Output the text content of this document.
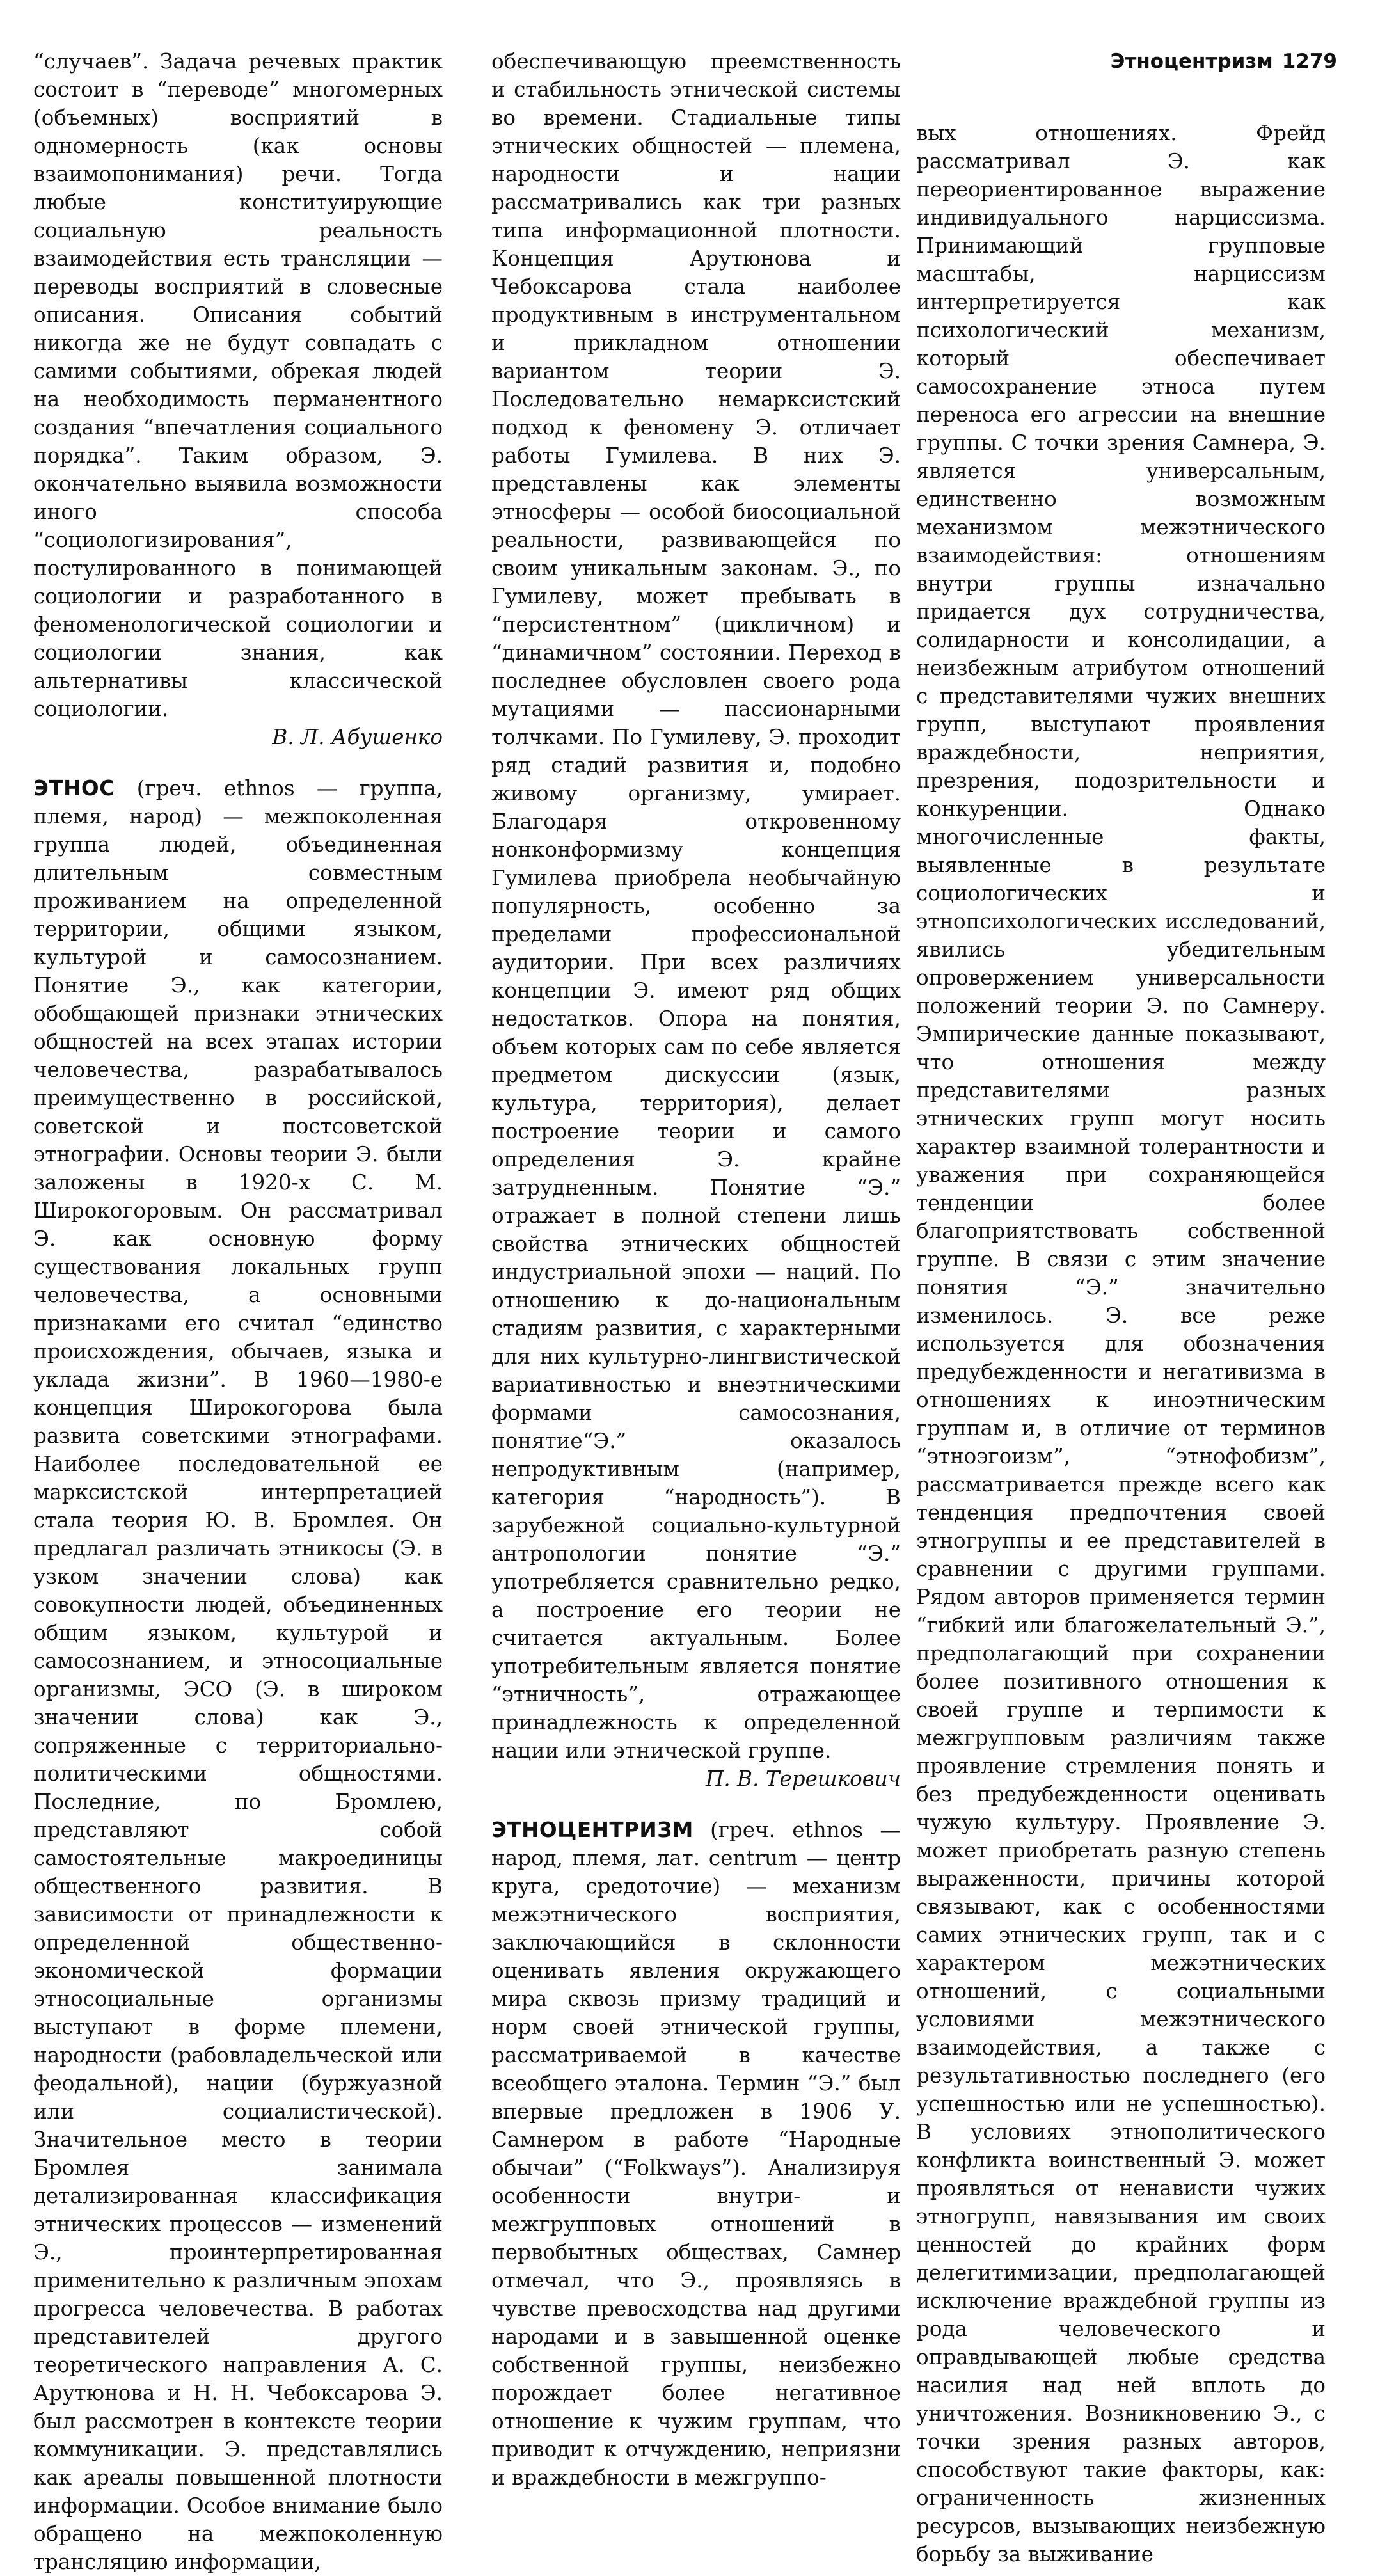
Этноцентризм 1279

“случаев”. Задача речевых практик состоит в “переводе” многомерных (объемных) восприятий в одномерность (как основы взаимопонимания) речи. Тогда любые конституирующие социальную реальность взаимодействия есть трансляции — переводы восприятий в словесные описания. Описания событий никогда же не будут совпадать с самими событиями, обрекая людей на необходимость перманентного создания “впечатления социального порядка”. Таким образом, Э. окончательно выявила возможности иного способа “социологизирования”, постулированного в понимающей социологии и разработанного в феноменологической социологии и социологии знания, как альтернативы классической социологии.

В. Л. Абушенко

ЭТНОС (греч. ethnos — группа, племя, народ) — межпоколенная группа людей, объединенная длительным совместным проживанием на определенной территории, общими языком, культурой и самосознанием. Понятие Э., как категории, обобщающей признаки этнических общностей на всех этапах истории человечества, разрабатывалось преимущественно в российской, советской и постсоветской этнографии. Основы теории Э. были заложены в 1920-х С. М. Широкогоровым. Он рассматривал Э. как основную форму существования локальных групп человечества, а основными признаками его считал “единство происхождения, обычаев, языка и уклада жизни”. В 1960—1980-е концепция Широкогорова была развита советскими этнографами. Наиболее последовательной ее марксистской интерпретацией стала теория Ю. В. Бромлея. Он предлагал различать этникосы (Э. в узком значении слова) как совокупности людей, объединенных общим языком, культурой и самосознанием, и этносоциальные организмы, ЭСО (Э. в широком значении слова) как Э., сопряженные с территориально-политическими общностями. Последние, по Бромлею, представляют собой самостоятельные макроединицы общественного развития. В зависимости от принадлежности к определенной общественно-экономической формации этносоциальные организмы выступают в форме племени, народности (рабовладельческой или феодальной), нации (буржуазной или социалистической). Значительное место в теории Бромлея занимала детализированная классификация этнических процессов — изменений Э., проинтерпретированная применительно к различным эпохам прогресса человечества. В работах представителей другого теоретического направления А. С. Арутюнова и Н. Н. Чебоксарова Э. был рассмотрен в контексте теории коммуникации. Э. представлялись как ареалы повышенной плотности информации. Особое внимание было обращено на межпоколенную трансляцию информации,

обеспечивающую преемственность и стабильность этнической системы во времени. Стадиальные типы этнических общностей — племена, народности и нации рассматривались как три разных типа информационной плотности. Концепция Арутюнова и Чебоксарова стала наиболее продуктивным в инструментальном и прикладном отношении вариантом теории Э. Последовательно немарксистский подход к феномену Э. отличает работы Гумилева. В них Э. представлены как элементы этносферы — особой биосоциальной реальности, развивающейся по своим уникальным законам. Э., по Гумилеву, может пребывать в “персистентном” (цикличном) и “динамичном” состоянии. Переход в последнее обусловлен своего рода мутациями — пассионарными толчками. По Гумилеву, Э. проходит ряд стадий развития и, подобно живому организму, умирает. Благодаря откровенному нонконформизму концепция Гумилева приобрела необычайную популярность, особенно за пределами профессиональной аудитории. При всех различиях концепции Э. имеют ряд общих недостатков. Опора на понятия, объем которых сам по себе является предметом дискуссии (язык, культура, территория), делает построение теории и самого определения Э. крайне затрудненным. Понятие “Э.” отражает в полной степени лишь свойства этнических общностей индустриальной эпохи — наций. По отношению к до-национальным стадиям развития, с характерными для них культурно-лингвистической вариативностью и внеэтническими формами самосознания, понятие“Э.” оказалось непродуктивным (например, категория “народность”). В зарубежной социально-культурной антропологии понятие “Э.” употребляется сравнительно редко, а построение его теории не считается актуальным. Более употребительным является понятие “этничность”, отражающее принадлежность к определенной нации или этнической группе.

П. В. Терешкович

ЭТНОЦЕНТРИЗМ (греч. ethnos — народ, племя, лат. centrum — центр круга, средоточие) — механизм межэтнического восприятия, заключающийся в склонности оценивать явления окружающего мира сквозь призму традиций и норм своей этнической группы, рассматриваемой в качестве всеобщего эталона. Термин “Э.” был впервые предложен в 1906 У. Самнером в работе “Народные обычаи” (“Folkways”). Анализируя особенности внутри- и межгрупповых отношений в первобытных обществах, Самнер отмечал, что Э., проявляясь в чувстве превосходства над другими народами и в завышенной оценке собственной группы, неизбежно порождает более негативное отношение к чужим группам, что приводит к отчуждению, неприязни и враждебности в межгруппо-

вых отношениях. Фрейд рассматривал Э. как переориентированное выражение индивидуального нарциссизма. Принимающий групповые масштабы, нарциссизм интерпретируется как психологический механизм, который обеспечивает самосохранение этноса путем переноса его агрессии на внешние группы. С точки зрения Самнера, Э. является универсальным, единственно возможным механизмом межэтнического взаимодействия: отношениям внутри группы изначально придается дух сотрудничества, солидарности и консолидации, а неизбежным атрибутом отношений с представителями чужих внешних групп, выступают проявления враждебности, неприятия, презрения, подозрительности и конкуренции. Однако многочисленные факты, выявленные в результате социологических и этнопсихологических исследований, явились убедительным опровержением универсальности положений теории Э. по Самнеру. Эмпирические данные показывают, что отношения между представителями разных этнических групп могут носить характер взаимной толерантности и уважения при сохраняющейся тенденции более благоприятствовать собственной группе. В связи с этим значение понятия “Э.” значительно изменилось. Э. все реже используется для обозначения предубежденности и негативизма в отношениях к иноэтническим группам и, в отличие от терминов “этноэгоизм”, “этнофобизм”, рассматривается прежде всего как тенденция предпочтения своей этногруппы и ее представителей в сравнении с другими группами. Рядом авторов применяется термин “гибкий или благожелательный Э.”, предполагающий при сохранении более позитивного отношения к своей группе и терпимости к межгрупповым различиям также проявление стремления понять и без предубежденности оценивать чужую культуру. Проявление Э. может приобретать разную степень выраженности, причины которой связывают, как с особенностями самих этнических групп, так и с характером межэтнических отношений, с социальными условиями межэтнического взаимодействия, а также с результативностью последнего (его успешностью или не успешностью). В условиях этнополитического конфликта воинственный Э. может проявляться от ненависти чужих этногрупп, навязывания им своих ценностей до крайних форм делегитимизации, предполагающей исключение враждебной группы из рода человеческого и оправдывающей любые средства насилия над ней вплоть до уничтожения. Возникновению Э., с точки зрения разных авторов, способствуют такие факторы, как: ограниченность жизненных ресурсов, вызывающих неизбежную борьбу за выживание
